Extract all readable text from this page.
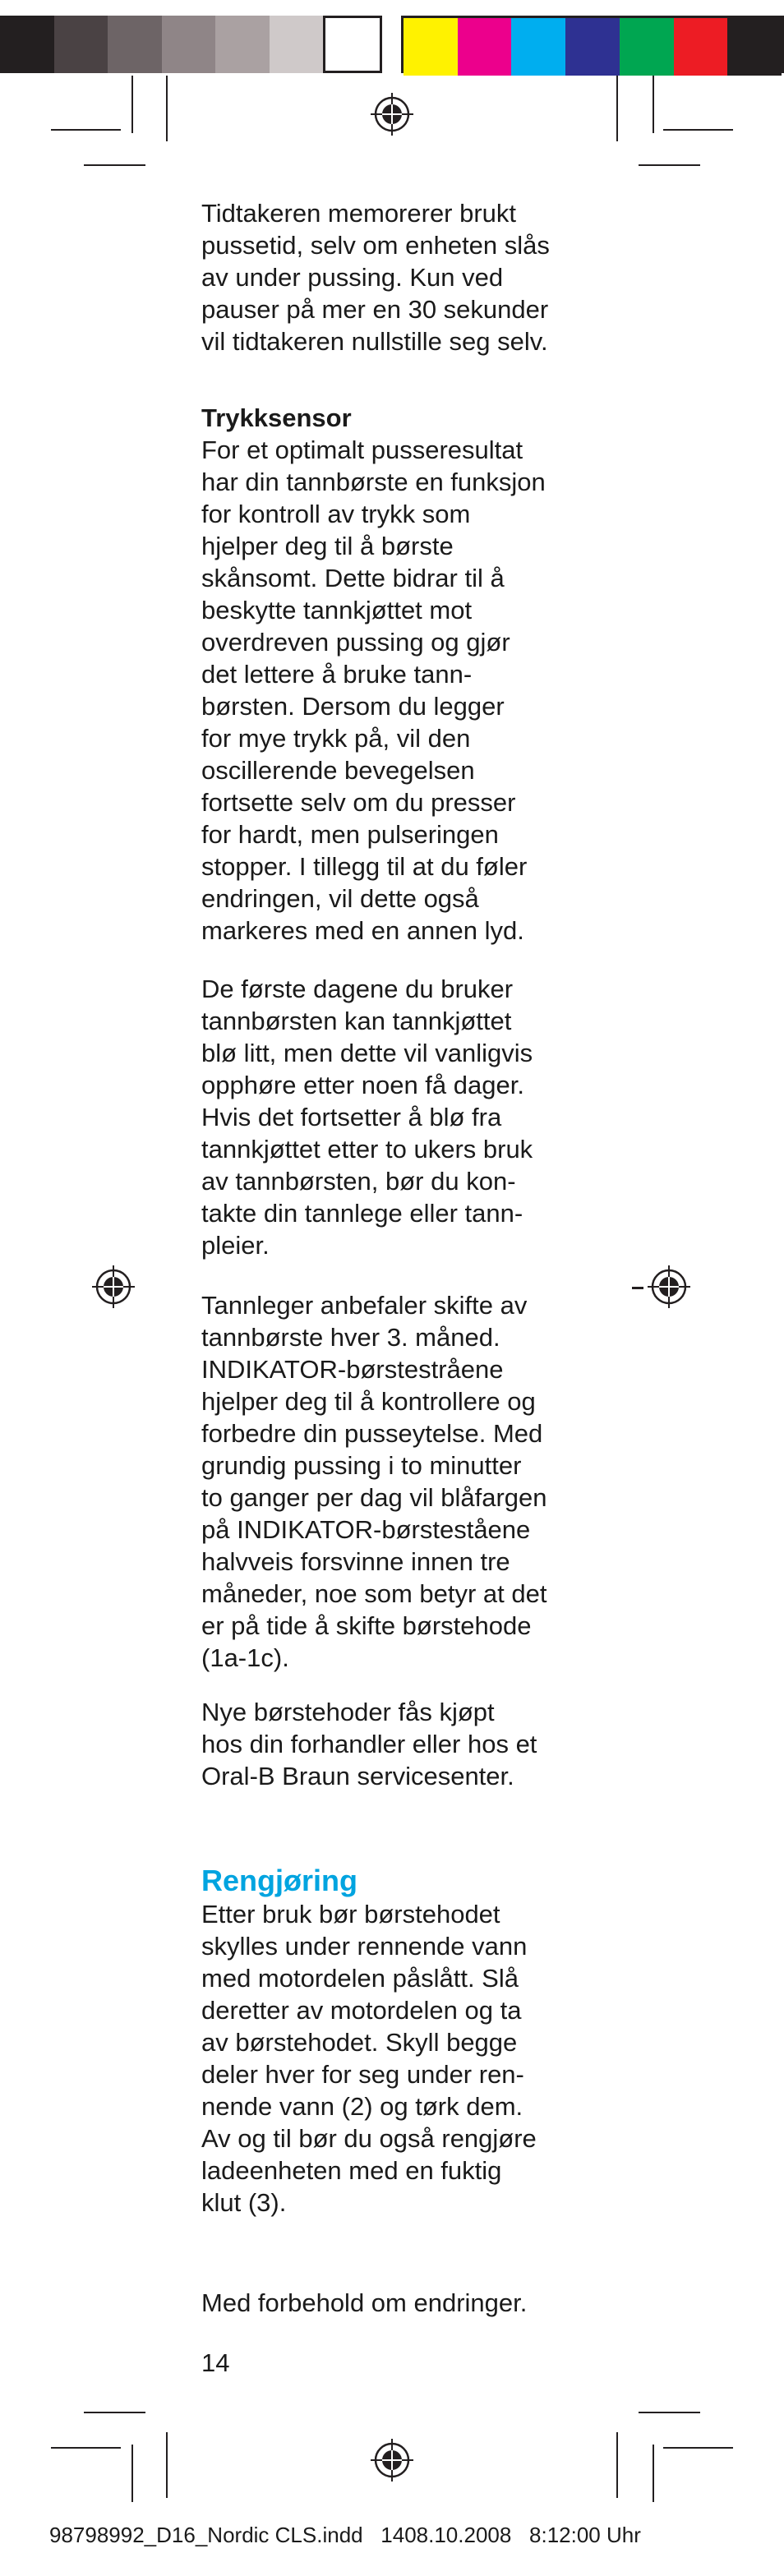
Tidtakeren memorerer brukt
pussetid, selv om enheten slås
av under pussing. Kun ved
pauser på mer en 30 sekunder
vil tidtakeren nullstille seg selv.

Trykksensor

For et optimalt pusseresultat
har din tannbørste en funksjon
for kontroll av trykk som
hjelper deg til å børste
skånsomt. Dette bidrar til å
beskytte tannkjøttet mot
overdreven pussing og gjør
det lettere å bruke tann-
børsten. Dersom du legger
for mye trykk på, vil den
oscillerende bevegelsen
fortsette selv om du presser
for hardt, men pulseringen
stopper. I tillegg til at du føler
endringen, vil dette også
markeres med en annen lyd.

De første dagene du bruker
tannbørsten kan tannkjøttet
blø litt, men dette vil vanligvis
opphøre etter noen få dager.
Hvis det fortsetter å blø fra
tannkjøttet etter to ukers bruk
av tannbørsten, bør du kon-
takte din tannlege eller tann-
pleier.

Tannleger anbefaler skifte av
tannbørste hver 3. måned.
INDIKATOR-børstestråene
hjelper deg til å kontrollere og
forbedre din pusseytelse. Med
grundig pussing i to minutter
to ganger per dag vil blåfargen
på INDIKATOR-børsteståene
halvveis forsvinne innen tre
måneder, noe som betyr at det
er på tide å skifte børstehode
(1a-1c).

Nye børstehoder fås kjøpt
hos din forhandler eller hos et
Oral-B Braun servicesenter.

Rengjøring

Etter bruk bør børstehodet
skylles under rennende vann
med motordelen påslått. Slå
deretter av motordelen og ta
av børstehodet. Skyll begge
deler hver for seg under ren-
nende vann (2) og tørk dem.
Av og til bør du også rengjøre
ladeenheten med en fuktig
klut (3).

Med forbehold om endringer.

14
98798992_D16_Nordic CLS.indd 1408.10.2008 8:12:00 Uhr
